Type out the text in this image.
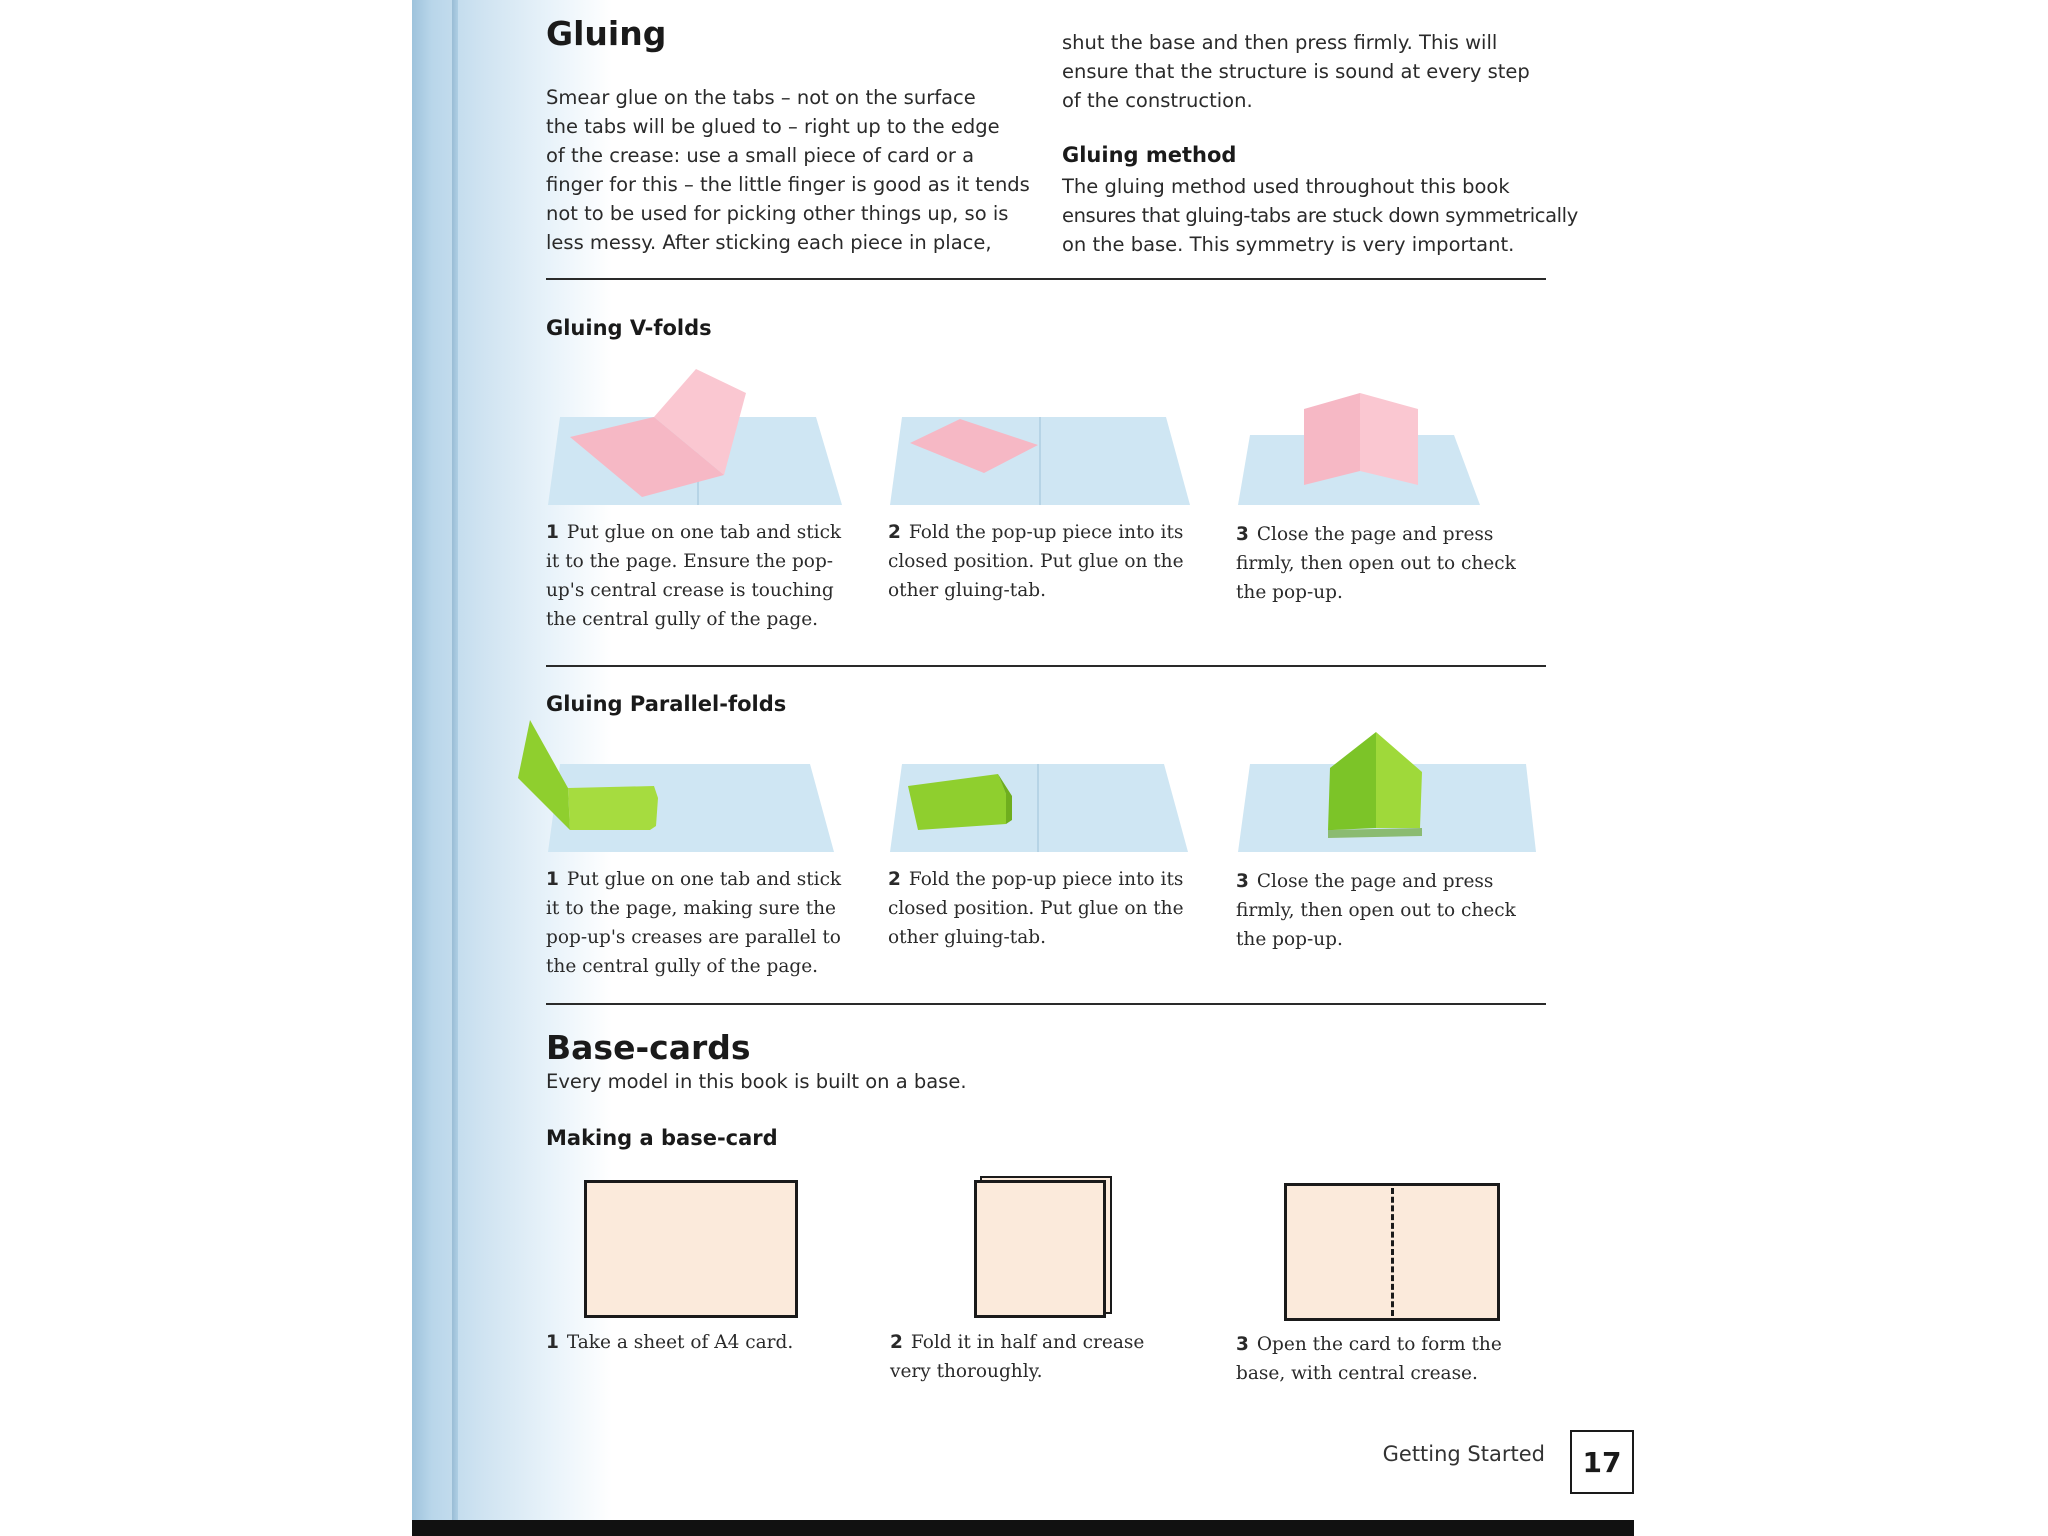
Gluing
Smear glue on the tabs – not on the surface
the tabs will be glued to – right up to the edge
of the crease: use a small piece of card or a
finger for this – the little finger is good as it tends
not to be used for picking other things up, so is
less messy. After sticking each piece in place,
shut the base and then press firmly. This will
ensure that the structure is sound at every step
of the construction.
Gluing method
The gluing method used throughout this book
ensures that gluing-tabs are stuck down symmetrically
on the base. This symmetry is very important.
Gluing V-folds
1 Put glue on one tab and stick
it to the page. Ensure the pop-
up's central crease is touching
the central gully of the page.
2 Fold the pop-up piece into its
closed position. Put glue on the
other gluing-tab.
3 Close the page and press
firmly, then open out to check
the pop-up.
Gluing Parallel-folds
1 Put glue on one tab and stick
it to the page, making sure the
pop-up's creases are parallel to
the central gully of the page.
2 Fold the pop-up piece into its
closed position. Put glue on the
other gluing-tab.
3 Close the page and press
firmly, then open out to check
the pop-up.
Base-cards
Every model in this book is built on a base.
Making a base-card
1 Take a sheet of A4 card.	2 Fold it in half and crease
very thoroughly.
3 Open the card to form the
base, with central crease.
Getting Started	17
